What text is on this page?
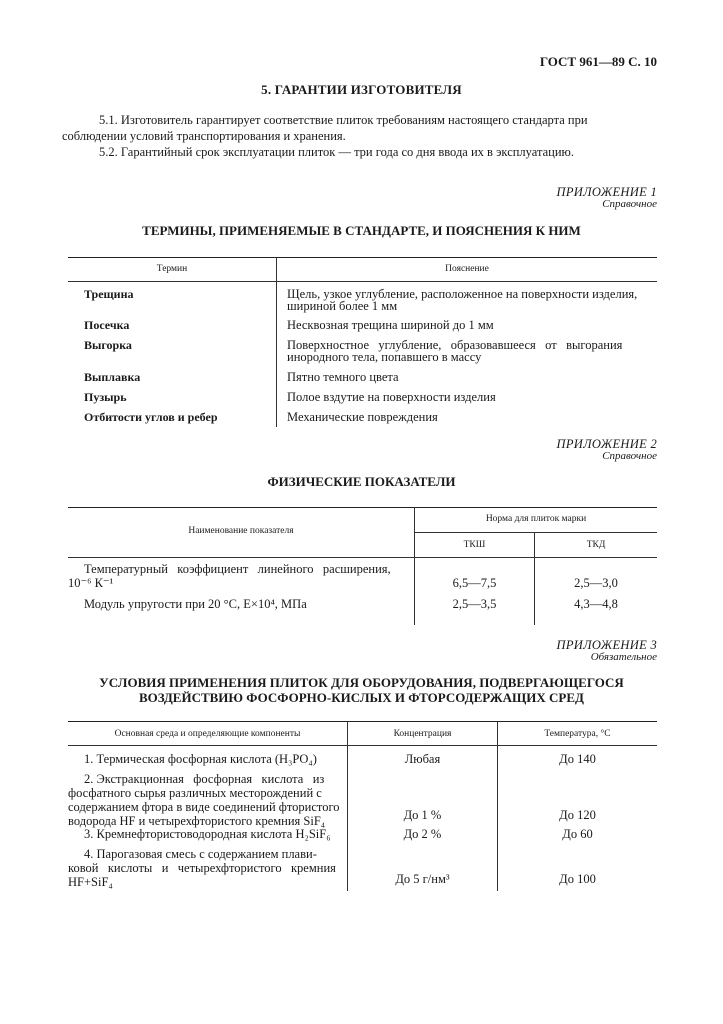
ГОСТ 961—89 С. 10
5. ГАРАНТИИ ИЗГОТОВИТЕЛЯ
5.1. Изготовитель гарантирует соответствие плиток требованиям настоящего стандарта при
соблюдении условий транспортирования и хранения.
5.2. Гарантийный срок эксплуатации плиток — три года со дня ввода их в эксплуатацию.
ПРИЛОЖЕНИЕ 1
Справочное
ТЕРМИНЫ, ПРИМЕНЯЕМЫЕ В СТАНДАРТЕ, И ПОЯСНЕНИЯ К НИМ
Термин	Пояснение
Трещина	Щель, узкое углубление, расположенное на поверхности изделия,
шириной более 1 мм
Посечка	Несквозная трещина шириной до 1 мм
Выгорка	Поверхностное   углубление,   образовавшееся   от   выгорания
инородного тела, попавшего в массу
Выплавка	Пятно темного цвета
Пузырь	Полое вздутие на поверхности изделия
Отбитости углов и ребер	Механические повреждения
ПРИЛОЖЕНИЕ 2
Справочное
ФИЗИЧЕСКИЕ ПОКАЗАТЕЛИ
Наименование показателя
Норма для плиток марки
ТКШ	ТКД
Температурный   коэффициент   линейного   расширения,
10⁻⁶ К⁻¹	6,5—7,5	2,5—3,0
Модуль упругости при 20 °С, E×10⁴, МПа	2,5—3,5	4,3—4,8
ПРИЛОЖЕНИЕ 3
Обязательное
УСЛОВИЯ ПРИМЕНЕНИЯ ПЛИТОК ДЛЯ ОБОРУДОВАНИЯ, ПОДВЕРГАЮЩЕГОСЯ
ВОЗДЕЙСТВИЮ ФОСФОРНО-КИСЛЫХ И ФТОРСОДЕРЖАЩИХ СРЕД
Основная среда и определяющие компоненты	Концентрация	Температура, °С
1. Термическая фосфорная кислота (H₃PO₄)	Любая	До 140
2. Экстракционная   фосфорная   кислота   из
фосфатного сырья различных месторождений с
содержанием фтора в виде соединений фтористого
водорода HF и четырехфтористого кремния SiF₄	До 1 %	До 120
3. Кремнефтористоводородная кислота H₂SiF₆	До 2 %	До 60
4. Парогазовая смесь с содержанием плави-
ковой   кислоты   и   четырехфтористого   кремния
HF+SiF₄	До 5 г/нм³	До 100
